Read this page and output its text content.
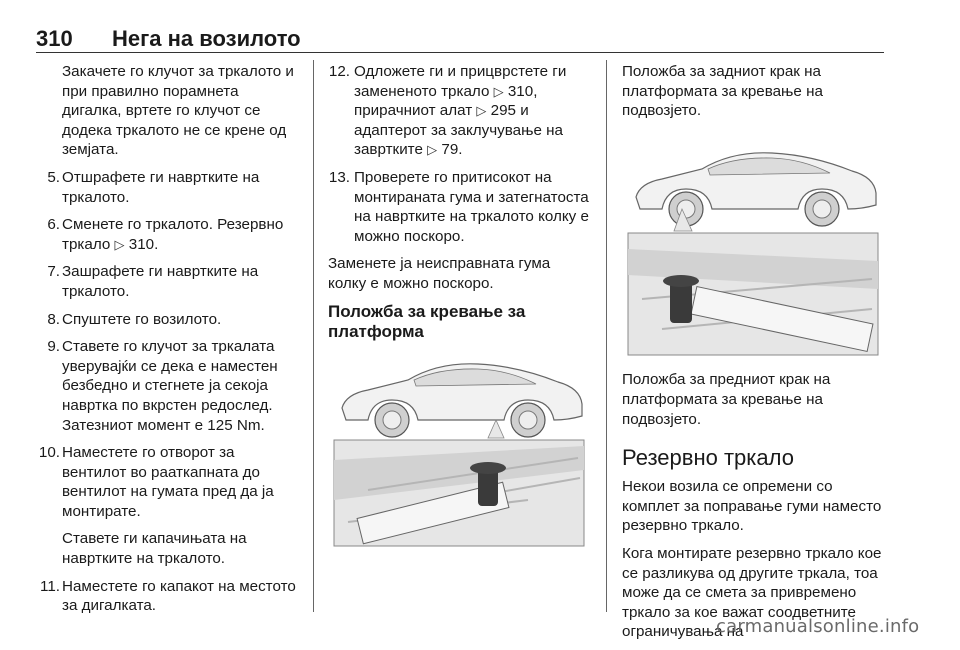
310 Нега на возилото

Закачете го клучот за тркалото и при правилно порамнета дигалка, вртете го клучот се додека тркалото не се крене од земјата.

5. Отшрафете ги навртките на тркалото.
6. Сменете го тркалото. Резервно тркало ▷ 310.
7. Зашрафете ги навртките на тркалото.
8. Спуштете го возилото.
9. Ставете го клучот за тркалата уверувајќи се дека е наместен безбедно и стегнете ја секоја навртка по вкрстен редослед. Затезниот момент е 125 Nm.
10. Наместете го отворот за вентилот во рааткапната до вентилот на гумата пред да ја монтирате.

Ставете ги капачињата на навртките на тркалото.

11. Наместете го капакот на местото за дигалката.
12. Одложете ги и прицврстете ги замененото тркало ▷ 310, прирачниот алат ▷ 295 и адаптерот за заклучување на завртките ▷ 79.
13. Проверете го притисокот на монтираната гума и затегнатоста на навртките на тркалото колку е можно поскоро.

Заменете ја неисправната гума колку е можно поскоро.

Положба за кревање за платформа

Положба за задниот крак на платформата за кревање на подвозјето.

Положба за предниот крак на платформата за кревање на подвозјето.

Резервно тркало

Некои возила се опремени со комплет за поправање гуми наместо резервно тркало.

Кога монтирате резервно тркало кое се разликува од другите тркала, тоа може да се смета за привремено тркало за кое важат соодветните ограничувања на

carmanualsonline.info
